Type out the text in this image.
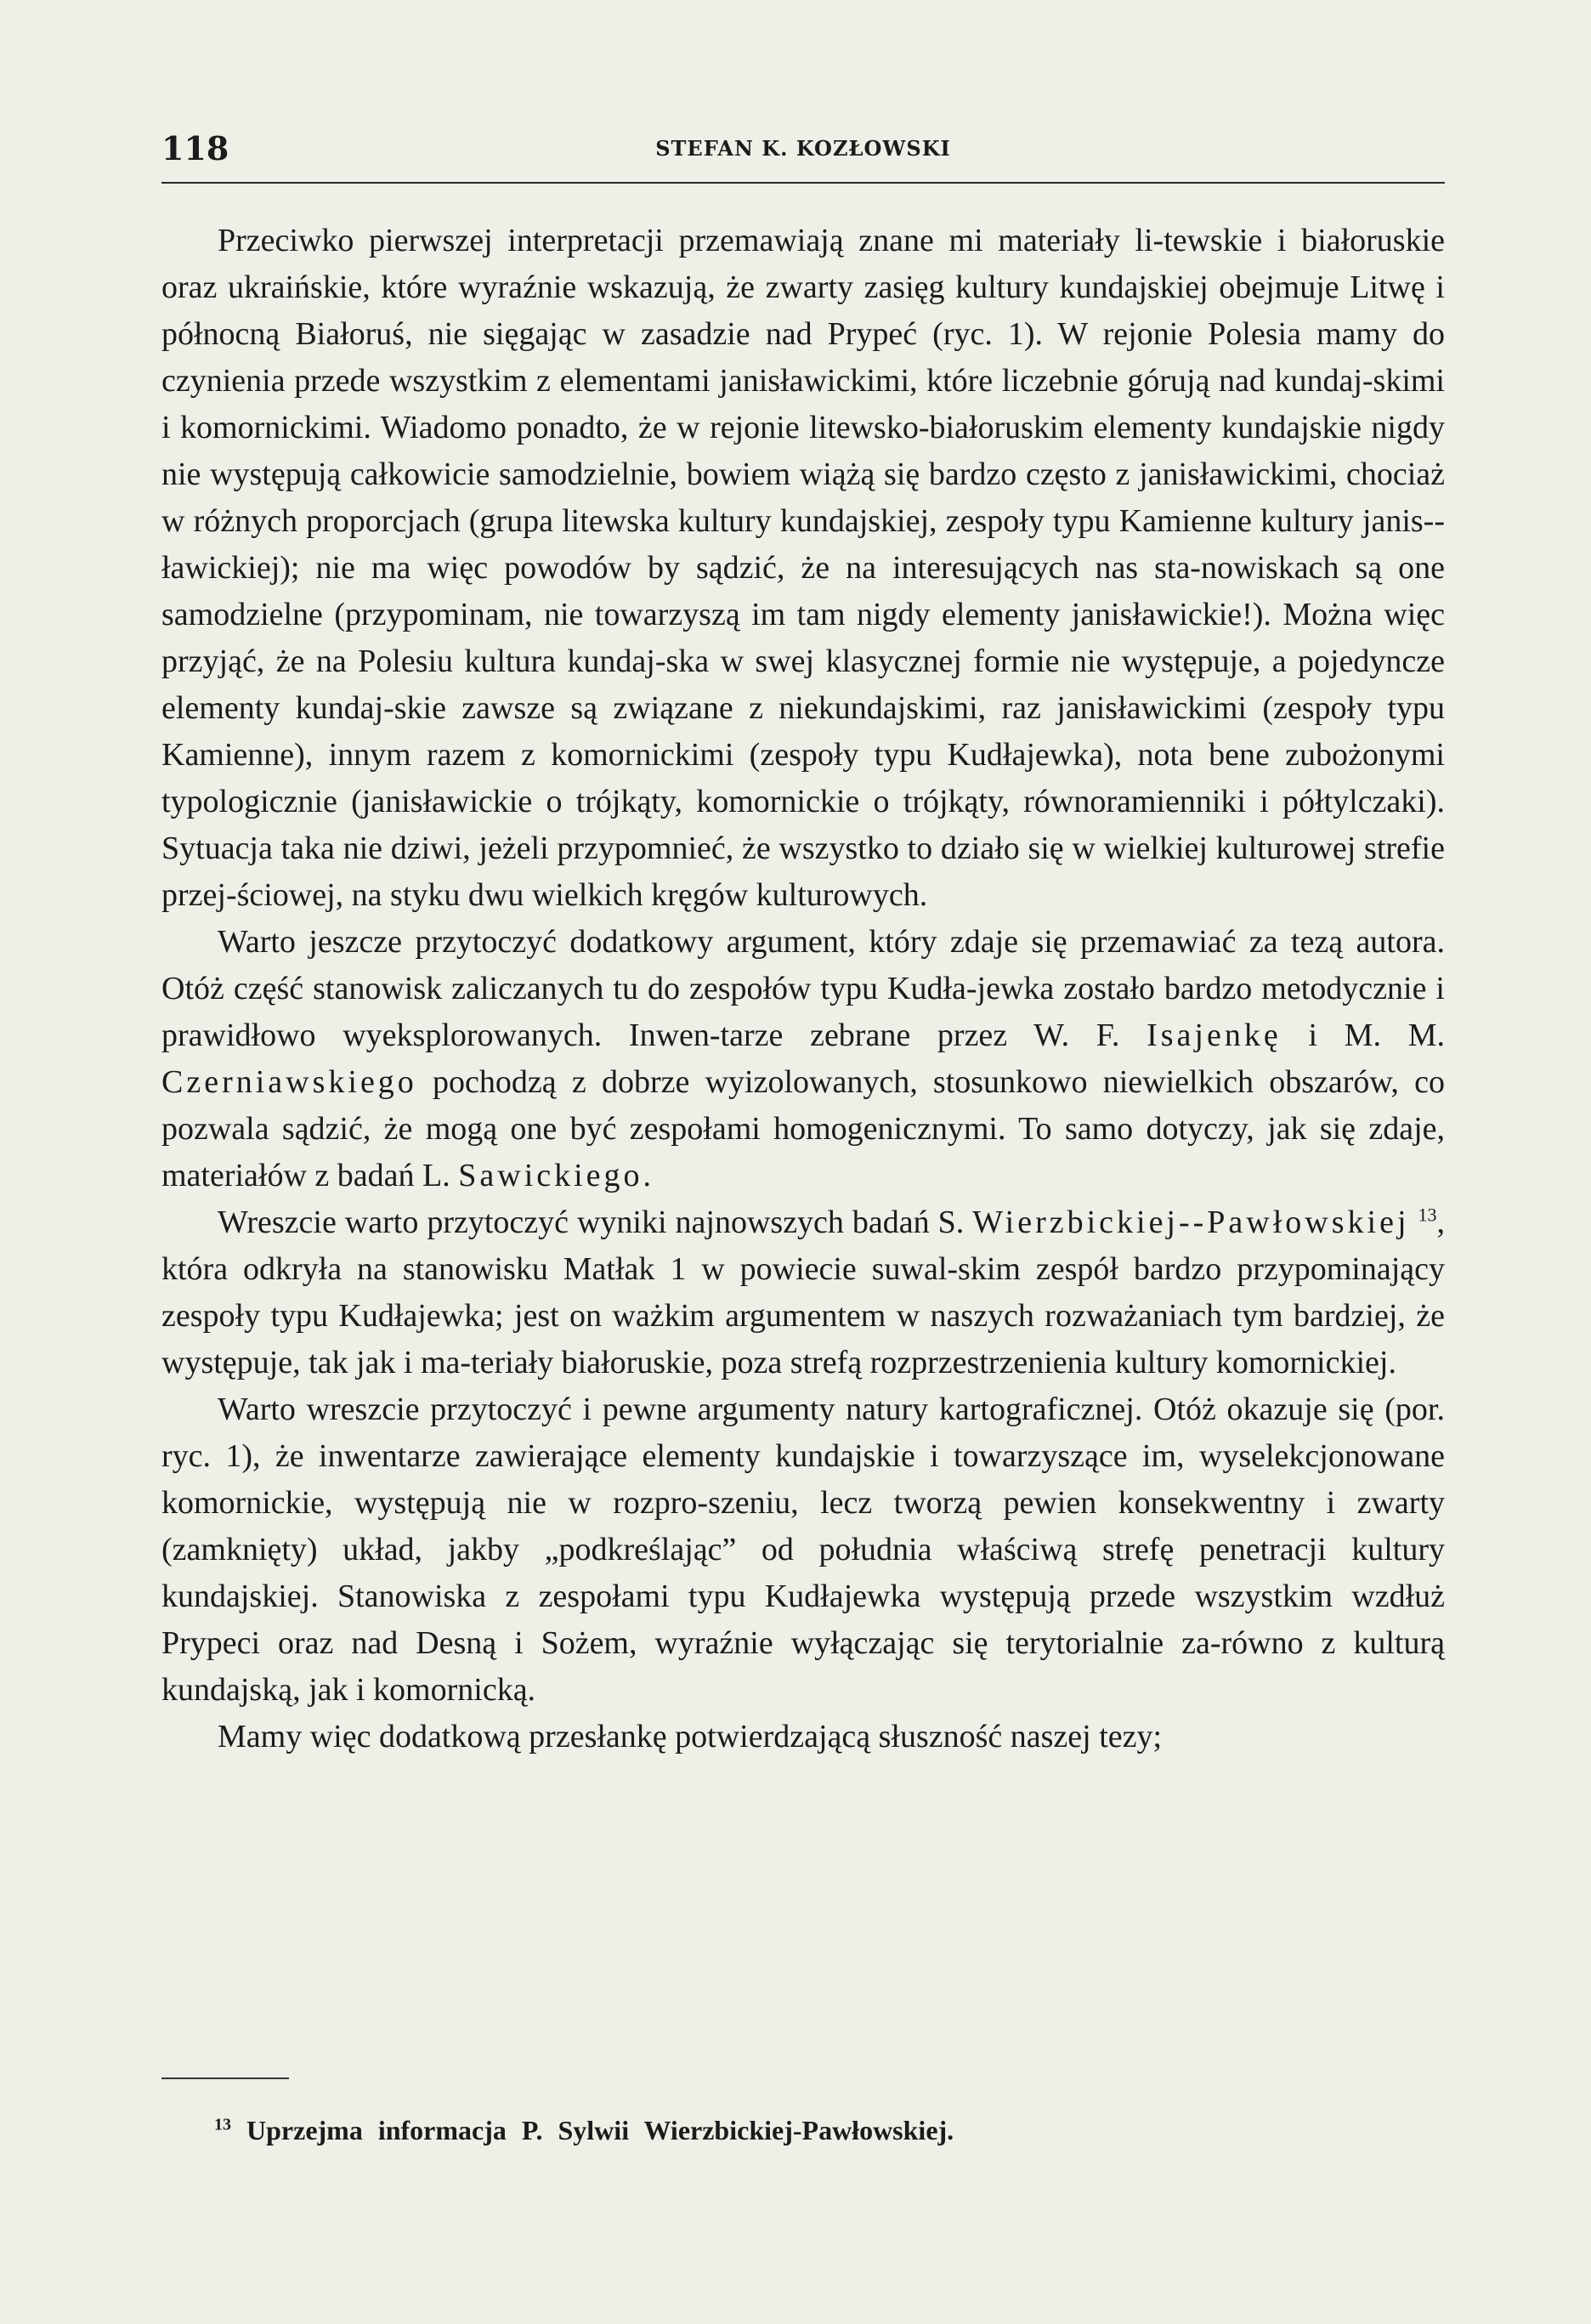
118	STEFAN K. KOZŁOWSKI

Przeciwko pierwszej interpretacji przemawiają znane mi materiały li-tewskie i białoruskie oraz ukraińskie, które wyraźnie wskazują, że zwarty zasięg kultury kundajskiej obejmuje Litwę i północną Białoruś, nie sięgając w zasadzie nad Prypeć (ryc. 1). W rejonie Polesia mamy do czynienia przede wszystkim z elementami janisławickimi, które liczebnie górują nad kundaj-skimi i komornickimi. Wiadomo ponadto, że w rejonie litewsko-białoruskim elementy kundajskie nigdy nie występują całkowicie samodzielnie, bowiem wiążą się bardzo często z janisławickimi, chociaż w różnych proporcjach (grupa litewska kultury kundajskiej, zespoły typu Kamienne kultury janis-ławickiej); nie ma więc powodów by sądzić, że na interesujących nas sta-nowiskach są one samodzielne (przypominam, nie towarzyszą im tam nigdy elementy janisławickie!). Można więc przyjąć, że na Polesiu kultura kundaj-ska w swej klasycznej formie nie występuje, a pojedyncze elementy kundaj-skie zawsze są związane z niekundajskimi, raz janisławickimi (zespoły typu Kamienne), innym razem z komornickimi (zespoły typu Kudłajewka), nota bene zubożonymi typologicznie (janisławickie o trójkąty, komornickie o trójkąty, równoramienniki i półtylczaki). Sytuacja taka nie dziwi, jeżeli przypomnieć, że wszystko to działo się w wielkiej kulturowej strefie przej-ściowej, na styku dwu wielkich kręgów kulturowych.

Warto jeszcze przytoczyć dodatkowy argument, który zdaje się przemawiać za tezą autora. Otóż część stanowisk zaliczanych tu do zespołów typu Kudła-jewka zostało bardzo metodycznie i prawidłowo wyeksplorowanych. Inwen-tarze zebrane przez W. F. Isajenkę i M. M. Czerniawskiego pochodzą z dobrze wyizolowanych, stosunkowo niewielkich obszarów, co pozwala sądzić, że mogą one być zespołami homogenicznymi. To samo dotyczy, jak się zdaje, materiałów z badań L. Sawickiego.

Wreszcie warto przytoczyć wyniki najnowszych badań S. Wierzbickiej--Pawłowskiej $^{13}$, która odkryła na stanowisku Matłak 1 w powiecie suwal-skim zespół bardzo przypominający zespoły typu Kudłajewka; jest on ważkim argumentem w naszych rozważaniach tym bardziej, że występuje, tak jak i ma-teriały białoruskie, poza strefą rozprzestrzenienia kultury komornickiej.

Warto wreszcie przytoczyć i pewne argumenty natury kartograficznej. Otóż okazuje się (por. ryc. 1), że inwentarze zawierające elementy kundajskie i towarzyszące im, wyselekcjonowane komornickie, występują nie w rozpro-szeniu, lecz tworzą pewien konsekwentny i zwarty (zamknięty) układ, jakby „podkreślając” od południa właściwą strefę penetracji kultury kundajskiej. Stanowiska z zespołami typu Kudłajewka występują przede wszystkim wzdłuż Prypeci oraz nad Desną i Sożem, wyraźnie wyłączając się terytorialnie za-równo z kulturą kundajską, jak i komornicką.

Mamy więc dodatkową przesłankę potwierdzającą słuszność naszej tezy;

$^{13}$ Uprzejma informacja P. Sylwii Wierzbickiej-Pawłowskiej.
